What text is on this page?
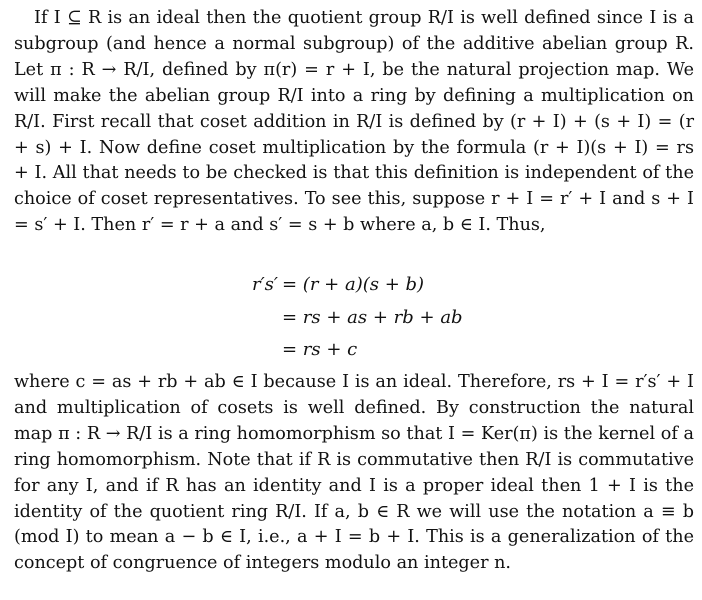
If I ⊆ R is an ideal then the quotient group R/I is well defined since I is a subgroup (and hence a normal subgroup) of the additive abelian group R. Let π : R → R/I, defined by π(r) = r + I, be the natural projection map. We will make the abelian group R/I into a ring by defining a multiplication on R/I. First recall that coset addition in R/I is defined by (r + I) + (s + I) = (r + s) + I. Now define coset multiplication by the formula (r + I)(s + I) = rs + I. All that needs to be checked is that this definition is independent of the choice of coset representatives. To see this, suppose r + I = r′ + I and s + I = s′ + I. Then r′ = r + a and s′ = s + b where a, b ∈ I. Thus,

r′s′ = (r + a)(s + b)
= rs + as + rb + ab
= rs + c

where c = as + rb + ab ∈ I because I is an ideal. Therefore, rs + I = r′s′ + I and multiplication of cosets is well defined. By construction the natural map π : R → R/I is a ring homomorphism so that I = Ker(π) is the kernel of a ring homomorphism. Note that if R is commutative then R/I is commutative for any I, and if R has an identity and I is a proper ideal then 1 + I is the identity of the quotient ring R/I. If a, b ∈ R we will use the notation a ≡ b (mod I) to mean a − b ∈ I, i.e., a + I = b + I. This is a generalization of the concept of congruence of integers modulo an integer n.
